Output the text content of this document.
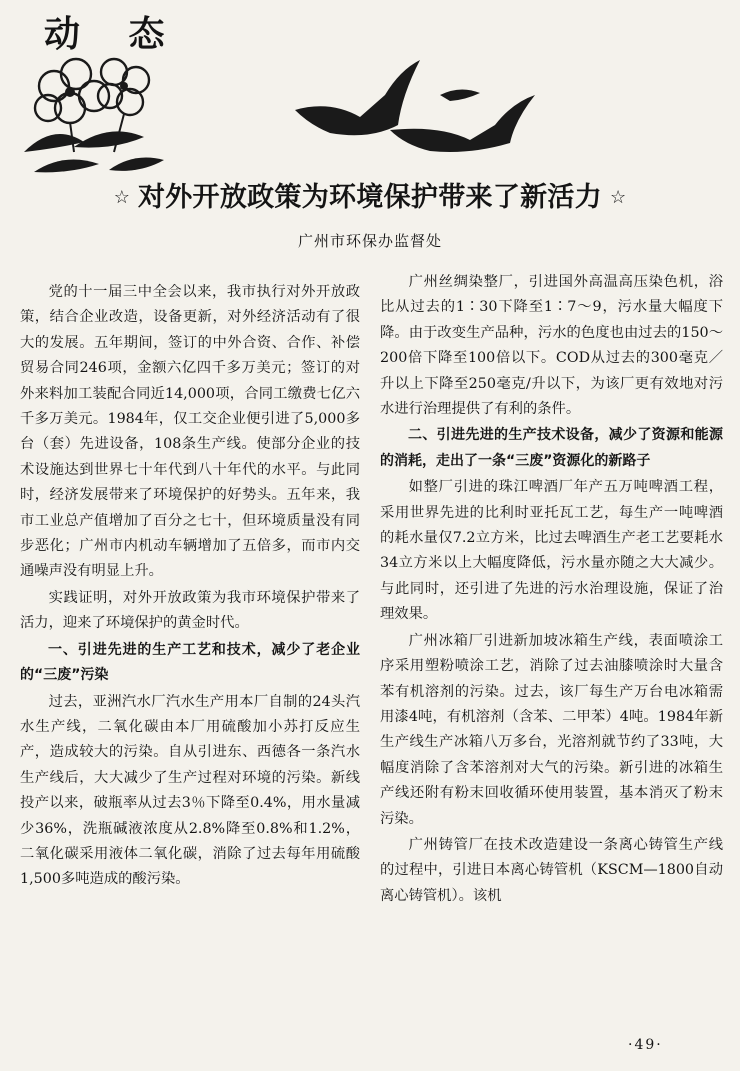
动 态
☆ 对外开放政策为环境保护带来了新活力 ☆
广州市环保办监督处

党的十一届三中全会以来，我市执行对外开放政策，结合企业改造，设备更新，对外经济活动有了很大的发展。五年期间，签订的中外合资、合作、补偿贸易合同246项，金额六亿四千多万美元；签订的对外来料加工装配合同近14,000项，合同工缴费七亿六千多万美元。1984年，仅工交企业便引进了5,000多台（套）先进设备，108条生产线。使部分企业的技术设施达到世界七十年代到八十年代的水平。与此同时，经济发展带来了环境保护的好势头。五年来，我市工业总产值增加了百分之七十，但环境质量没有同步恶化；广州市内机动车辆增加了五倍多，而市内交通噪声没有明显上升。

实践证明，对外开放政策为我市环境保护带来了活力，迎来了环境保护的黄金时代。

一、引进先进的生产工艺和技术，减少了老企业的“三废”污染

过去，亚洲汽水厂汽水生产用本厂自制的24头汽水生产线，二氧化碳由本厂用硫酸加小苏打反应生产，造成较大的污染。自从引进东、西德各一条汽水生产线后，大大减少了生产过程对环境的污染。新线投产以来，破瓶率从过去3％下降至0.4%，用水量减少36%，洗瓶碱液浓度从2.8%降至0.8%和1.2%，二氧化碳采用液体二氧化碳，消除了过去每年用硫酸1,500多吨造成的酸污染。

广州丝绸染整厂，引进国外高温高压染色机，浴比从过去的1∶30下降至1∶7～9，污水量大幅度下降。由于改变生产品种，污水的色度也由过去的150～200倍下降至100倍以下。COD从过去的300毫克／升以上下降至250毫克/升以下，为该厂更有效地对污水进行治理提供了有利的条件。

二、引进先进的生产技术设备，减少了资源和能源的消耗，走出了一条“三废”资源化的新路子

如整厂引进的珠江啤酒厂年产五万吨啤酒工程，采用世界先进的比利时亚托瓦工艺，每生产一吨啤酒的耗水量仅7.2立方米，比过去啤酒生产老工艺要耗水34立方米以上大幅度降低，污水量亦随之大大减少。与此同时，还引进了先进的污水治理设施，保证了治理效果。

广州冰箱厂引进新加坡冰箱生产线，表面喷涂工序采用塑粉喷涂工艺，消除了过去油膝喷涂时大量含苯有机溶剂的污染。过去，该厂每生产万台电冰箱需用漆4吨，有机溶剂（含苯、二甲苯）4吨。1984年新生产线生产冰箱八万多台，光溶剂就节约了33吨，大幅度消除了含苯溶剂对大气的污染。新引进的冰箱生产线还附有粉末回收循环使用装置，基本消灭了粉末污染。

广州铸管厂在技术改造建设一条离心铸管生产线的过程中，引进日本离心铸管机（KSCM—1800自动离心铸管机）。该机

·49·
